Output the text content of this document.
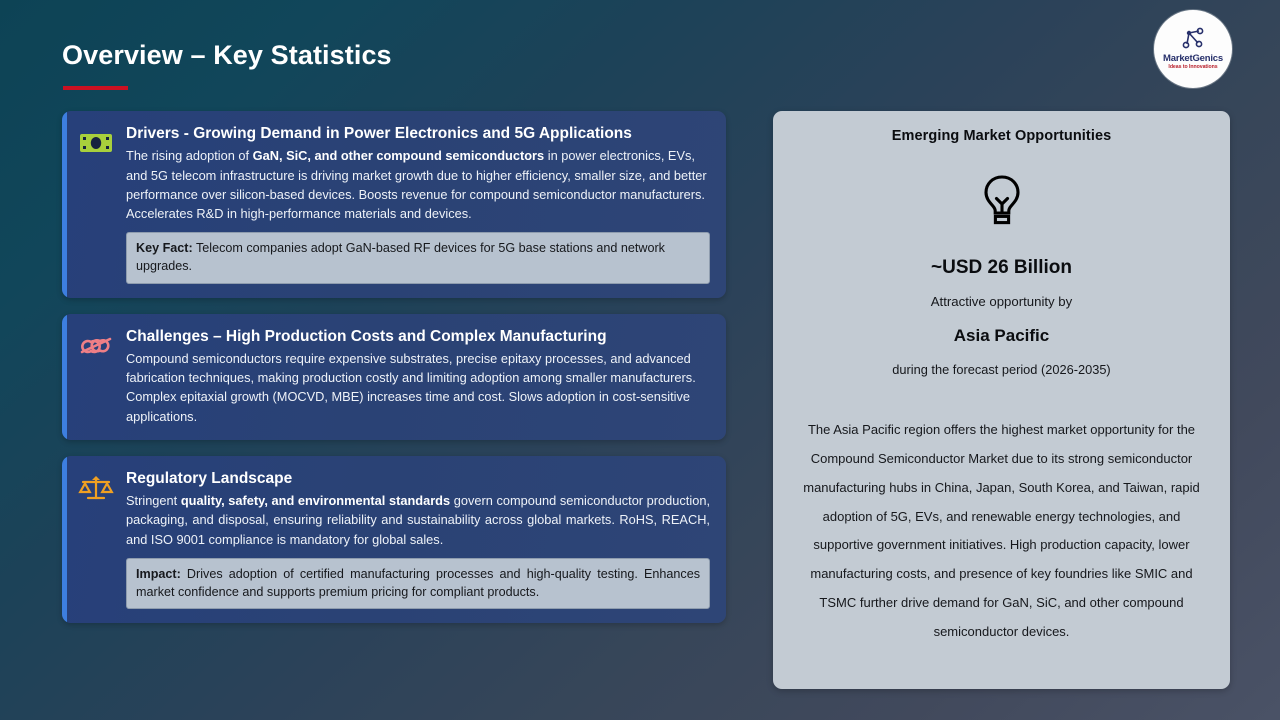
Overview – Key Statistics	MarketGenics
Ideas to Innovations
Drivers - Growing Demand in Power Electronics and 5G Applications
The rising adoption of GaN, SiC, and other compound semiconductors in power electronics, EVs, and 5G telecom infrastructure is driving market growth due to higher efficiency, smaller size, and better performance over silicon-based devices. Boosts revenue for compound semiconductor manufacturers. Accelerates R&D in high-performance materials and devices.
Key Fact: Telecom companies adopt GaN-based RF devices for 5G base stations and network upgrades.
Challenges – High Production Costs and Complex Manufacturing
Compound semiconductors require expensive substrates, precise epitaxy processes, and advanced fabrication techniques, making production costly and limiting adoption among smaller manufacturers. Complex epitaxial growth (MOCVD, MBE) increases time and cost. Slows adoption in cost-sensitive applications.
Regulatory Landscape
Stringent quality, safety, and environmental standards govern compound semiconductor production, packaging, and disposal, ensuring reliability and sustainability across global markets. RoHS, REACH, and ISO 9001 compliance is mandatory for global sales.
Impact: Drives adoption of certified manufacturing processes and high-quality testing. Enhances market confidence and supports premium pricing for compliant products.
Emerging Market Opportunities
~USD 26 Billion
Attractive opportunity by
Asia Pacific
during the forecast period (2026-2035)
The Asia Pacific region offers the highest market opportunity for the Compound Semiconductor Market due to its strong semiconductor manufacturing hubs in China, Japan, South Korea, and Taiwan, rapid adoption of 5G, EVs, and renewable energy technologies, and supportive government initiatives. High production capacity, lower manufacturing costs, and presence of key foundries like SMIC and TSMC further drive demand for GaN, SiC, and other compound semiconductor devices.
